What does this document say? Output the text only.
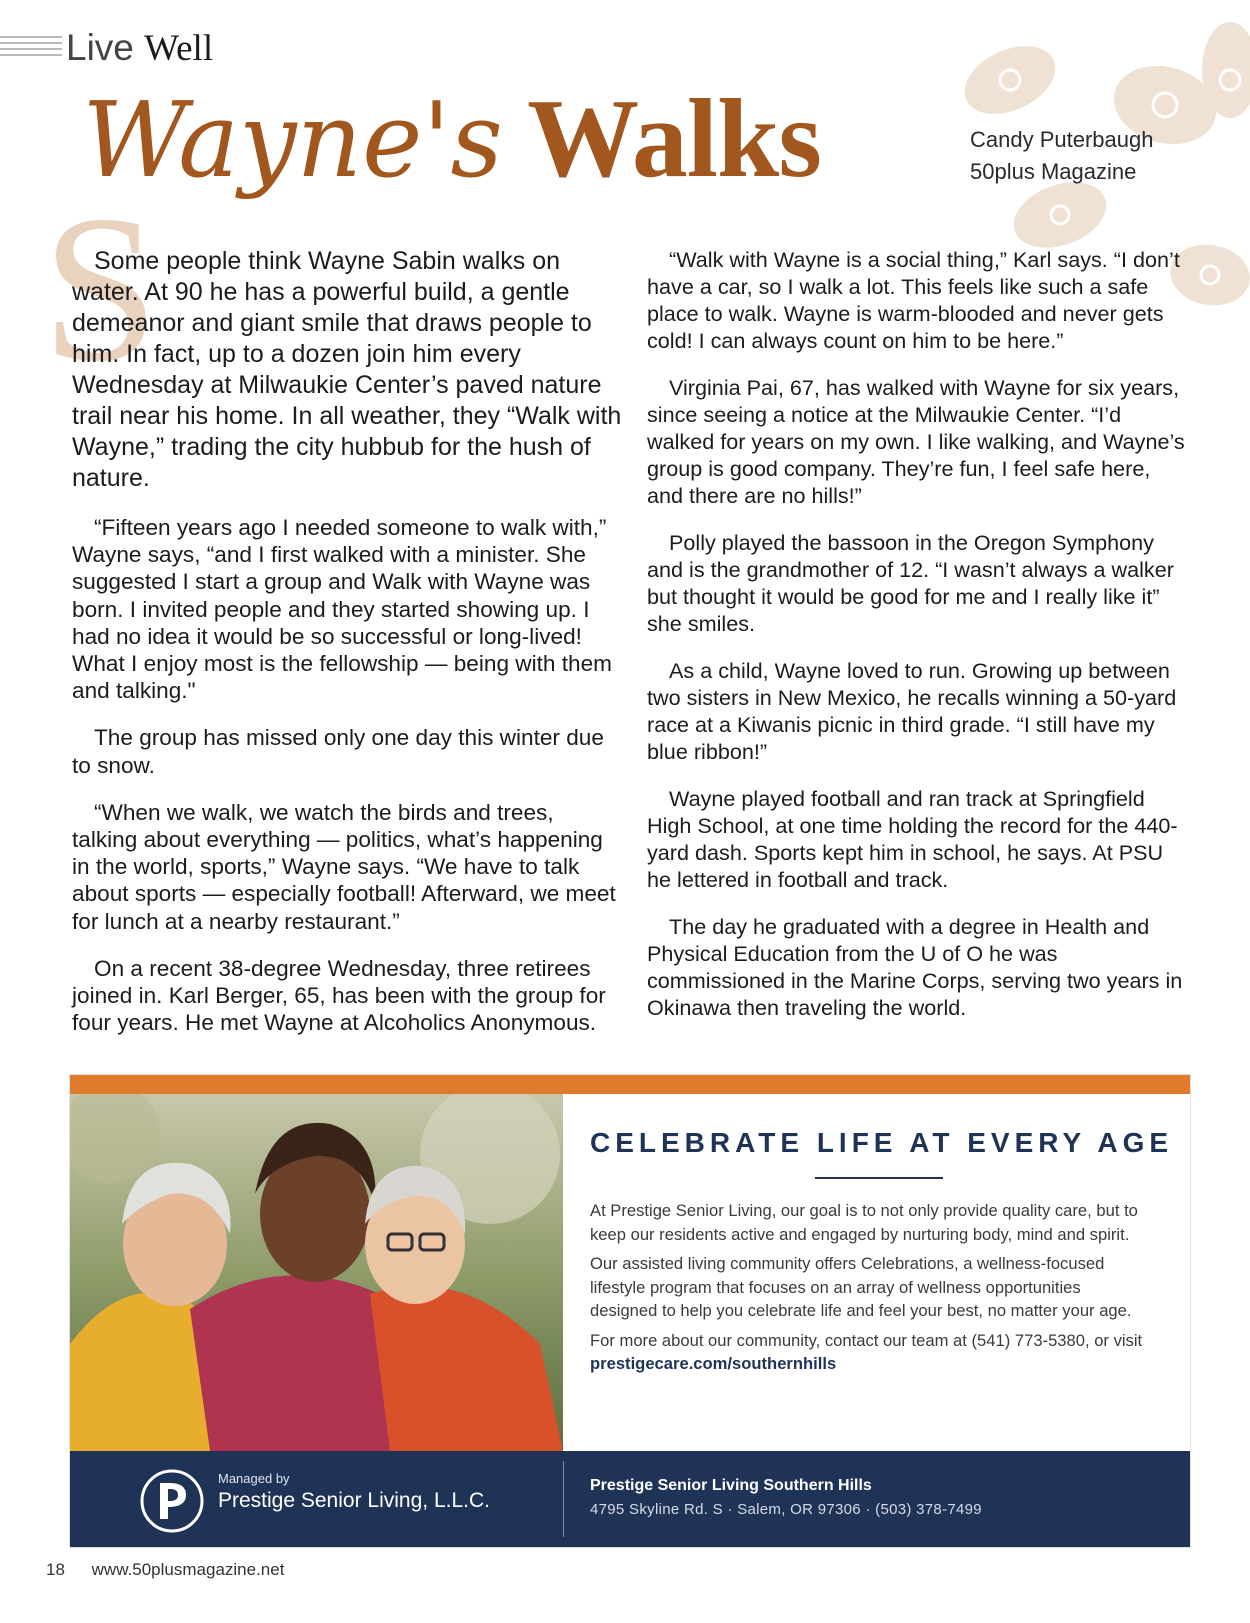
Live Well
Wayne's Walks	Candy Puterbaugh
50plus Magazine
S

Some people think Wayne Sabin walks on water. At 90 he has a powerful build, a gentle demeanor and giant smile that draws people to him. In fact, up to a dozen join him every Wednesday at Milwaukie Center’s paved nature trail near his home. In all weather, they “Walk with Wayne,” trading the city hubbub for the hush of nature.

“Fifteen years ago I needed someone to walk with,” Wayne says, “and I first walked with a minister. She suggested I start a group and Walk with Wayne was born. I invited people and they started showing up. I had no idea it would be so successful or long-lived! What I enjoy most is the fellowship — being with them and talking."

The group has missed only one day this winter due to snow.

“When we walk, we watch the birds and trees, talking about everything — politics, what’s happening in the world, sports,” Wayne says. “We have to talk about sports — especially football! Afterward, we meet for lunch at a nearby restaurant.”

On a recent 38-degree Wednesday, three retirees joined in. Karl Berger, 65, has been with the group for four years. He met Wayne at Alcoholics Anonymous.

“Walk with Wayne is a social thing,” Karl says. “I don’t have a car, so I walk a lot. This feels like such a safe place to walk. Wayne is warm-blooded and never gets cold! I can always count on him to be here.”

Virginia Pai, 67, has walked with Wayne for six years, since seeing a notice at the Milwaukie Center. “I’d walked for years on my own. I like walking, and Wayne’s group is good company. They’re fun, I feel safe here, and there are no hills!”

Polly played the bassoon in the Oregon Symphony and is the grandmother of 12. “I wasn’t always a walker but thought it would be good for me and I really like it” she smiles.

As a child, Wayne loved to run. Growing up between two sisters in New Mexico, he recalls winning a 50-yard race at a Kiwanis picnic in third grade. “I still have my blue ribbon!”

Wayne played football and ran track at Springfield High School, at one time holding the record for the 440-yard dash. Sports kept him in school, he says. At PSU he lettered in football and track.

The day he graduated with a degree in Health and Physical Education from the U of O he was commissioned in the Marine Corps, serving two years in Okinawa then traveling the world.

CELEBRATE LIFE AT EVERY AGE

At Prestige Senior Living, our goal is to not only provide quality care, but to keep our residents active and engaged by nurturing body, mind and spirit.

Our assisted living community offers Celebrations, a wellness-focused lifestyle program that focuses on an array of wellness opportunities designed to help you celebrate life and feel your best, no matter your age.

For more about our community, contact our team at (541) 773-5380, or visit prestigecare.com/southernhills

Managed by
Prestige Senior Living, L.L.C.
Prestige Senior Living Southern Hills
4795 Skyline Rd. S · Salem, OR 97306 · (503) 378-7499
18 www.50plusmagazine.net
